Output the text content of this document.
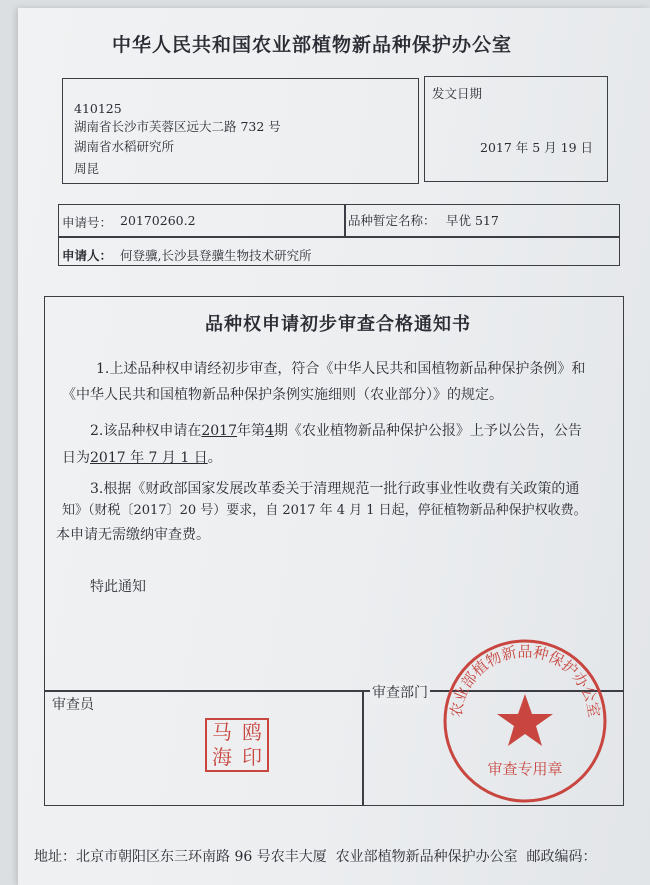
中华人民共和国农业部植物新品种保护办公室
410125
湖南省长沙市芙蓉区远大二路 732 号
湖南省水稻研究所
周昆
发文日期
2017 年 5 月 19 日
申请号： 20170260.2	品种暂定名称： 早优 517
申请人： 何登骥,长沙县登骥生物技术研究所
品种权申请初步审查合格通知书
1.上述品种权申请经初步审查，符合《中华人民共和国植物新品种保护条例》和
《中华人民共和国植物新品种保护条例实施细则（农业部分）》的规定。
2.该品种权申请在2017年第4期《农业植物新品种保护公报》上予以公告，公告
日为2017 年 7 月 1 日。
3.根据《财政部国家发展改革委关于清理规范一批行政事业性收费有关政策的通
知》（财税〔2017〕20 号）要求，自 2017 年 4 月 1 日起，停征植物新品种保护权收费。
本申请无需缴纳审查费。
特此通知
审查员
审查部门
马 鸥
海 印
农业部植物新品种保护办公室
审查专用章
地址：北京市朝阳区东三环南路 96 号农丰大厦 农业部植物新品种保护办公室 邮政编码：
